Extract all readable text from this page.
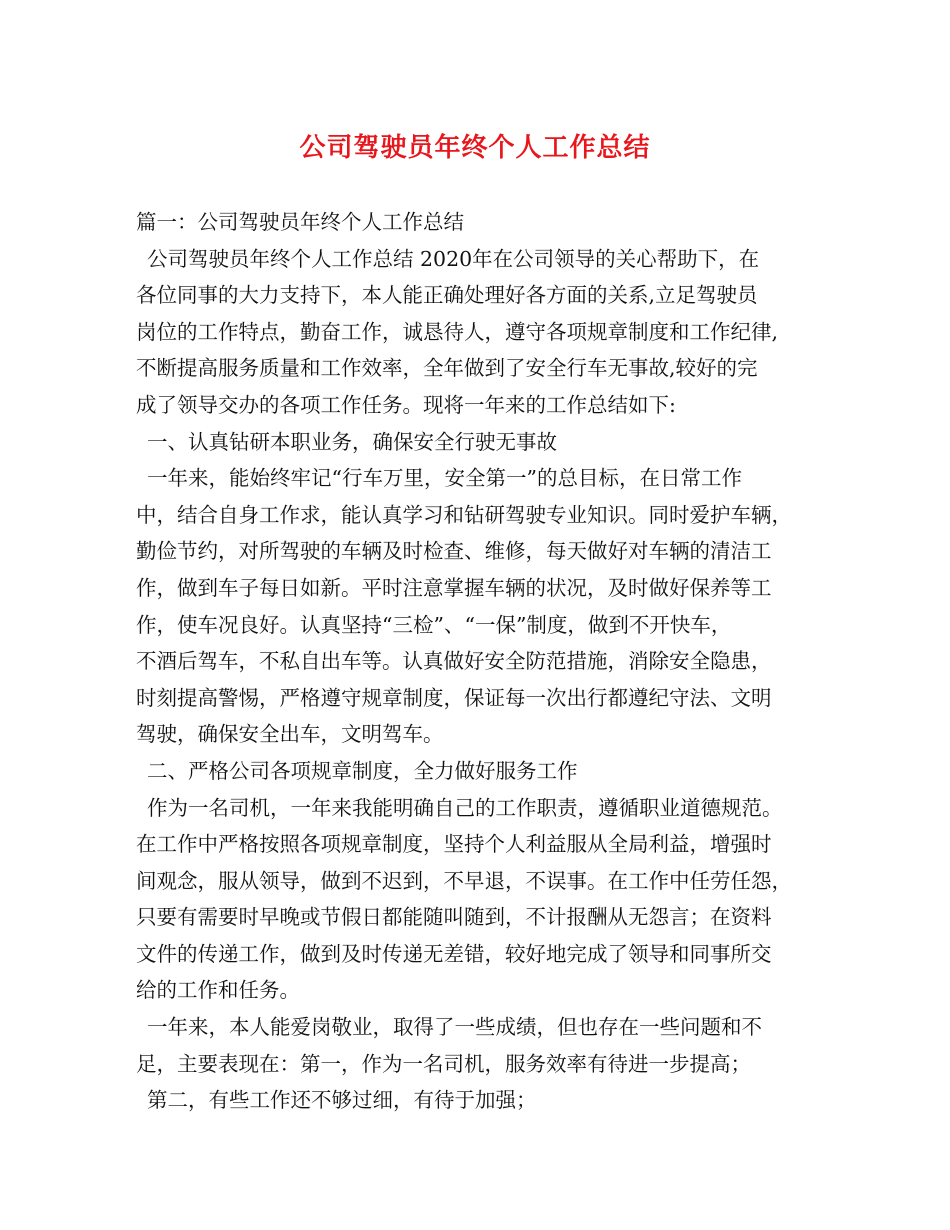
公司驾驶员年终个人工作总结
篇一：公司驾驶员年终个人工作总结
公司驾驶员年终个人工作总结 2020年在公司领导的关心帮助下，在
各位同事的大力支持下，本人能正确处理好各方面的关系,立足驾驶员
岗位的工作特点，勤奋工作，诚恳待人，遵守各项规章制度和工作纪律,
不断提高服务质量和工作效率，全年做到了安全行车无事故,较好的完
成了领导交办的各项工作任务。现将一年来的工作总结如下:
一、认真钻研本职业务，确保安全行驶无事故
一年来，能始终牢记“行车万里，安全第一”的总目标，在日常工作
中，结合自身工作求，能认真学习和钻研驾驶专业知识。同时爱护车辆，
勤俭节约，对所驾驶的车辆及时检查、维修，每天做好对车辆的清洁工
作，做到车子每日如新。平时注意掌握车辆的状况，及时做好保养等工
作，使车况良好。认真坚持“三检”、“一保”制度，做到不开快车，
不酒后驾车，不私自出车等。认真做好安全防范措施，消除安全隐患，
时刻提高警惕，严格遵守规章制度，保证每一次出行都遵纪守法、文明
驾驶，确保安全出车，文明驾车。
二、严格公司各项规章制度，全力做好服务工作
作为一名司机，一年来我能明确自己的工作职责，遵循职业道德规范。
在工作中严格按照各项规章制度，坚持个人利益服从全局利益，增强时
间观念，服从领导，做到不迟到，不早退，不误事。在工作中任劳任怨，
只要有需要时早晚或节假日都能随叫随到，不计报酬从无怨言；在资料
文件的传递工作，做到及时传递无差错，较好地完成了领导和同事所交
给的工作和任务。
一年来，本人能爱岗敬业，取得了一些成绩，但也存在一些问题和不
足，主要表现在：第一，作为一名司机，服务效率有待进一步提高；
第二，有些工作还不够过细，有待于加强；
